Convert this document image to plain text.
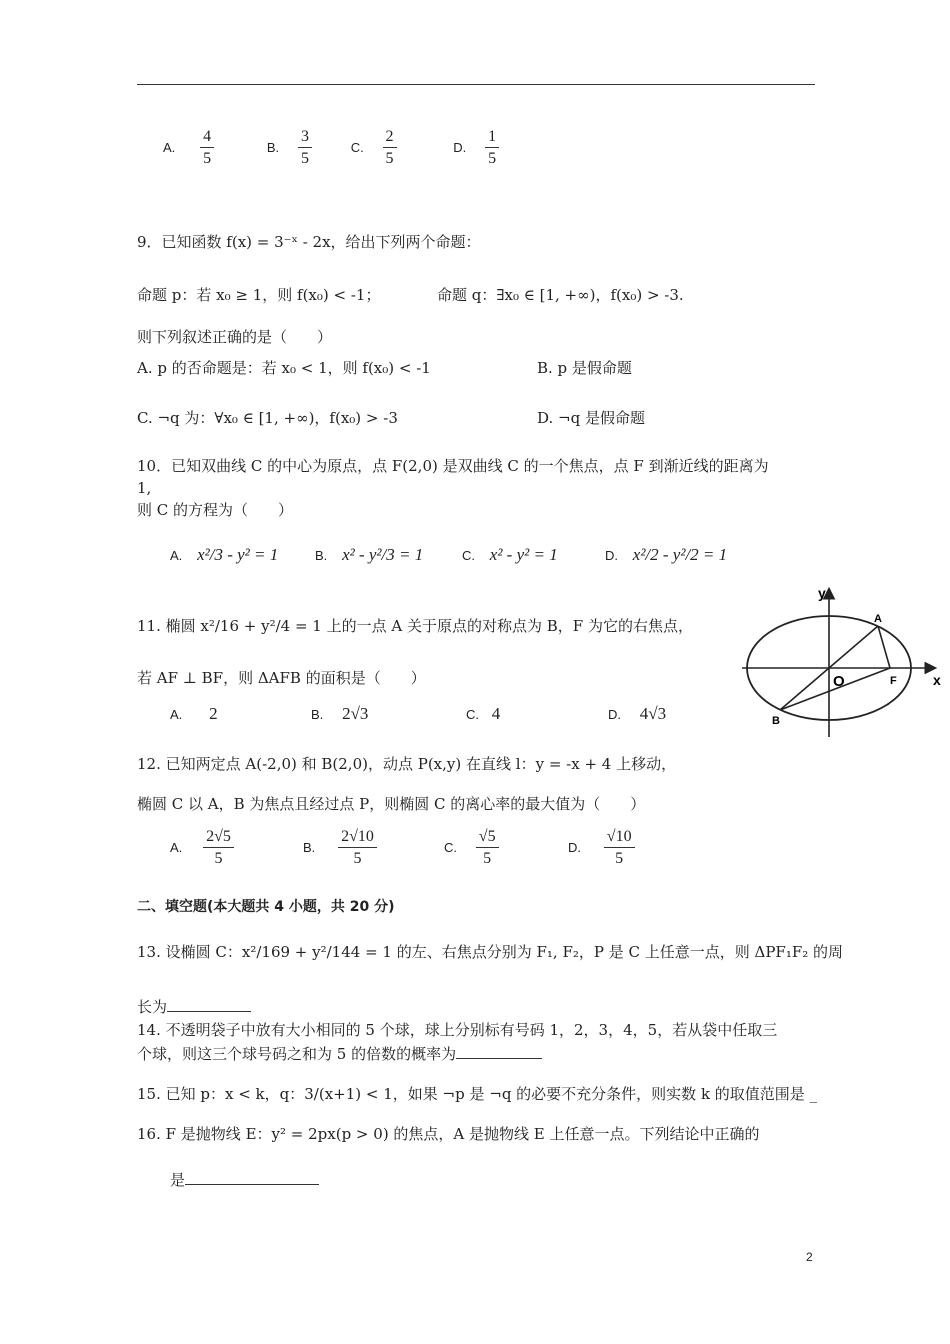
A. $\frac{4}{5}$	B. $\frac{3}{5}$	C. $\frac{2}{5}$	D. $\frac{1}{5}$
9．已知函数 f(x) = 3⁻ˣ - 2x，给出下列两个命题：
命题 p：若 x₀ ≥ 1，则 f(x₀) < -1；	命题 q：∃x₀ ∈ [1, +∞)，f(x₀) > -3.
则下列叙述正确的是（　　）
A. p 的否命题是：若 x₀ < 1，则 f(x₀) < -1	B. p 是假命题
C. ¬q 为：∀x₀ ∈ [1, +∞)，f(x₀) > -3	D. ¬q 是假命题
10．已知双曲线 C 的中心为原点，点 F(2,0) 是双曲线 C 的一个焦点，点 F 到渐近线的距离为
1,
则 C 的方程为（　　）
A. x²/3 - y² = 1	B. x² - y²/3 = 1	C. x² - y² = 1	D. x²/2 - y²/2 = 1
11. 椭圆 x²/16 + y²/4 = 1 上的一点 A 关于原点的对称点为 B，F 为它的右焦点，
若 AF ⊥ BF，则 ΔAFB 的面积是（　　）
A. 2	B. 2√3	C. 4	D. 4√3
y
x
A
B
O	F
12. 已知两定点 A(-2,0) 和 B(2,0)，动点 P(x,y) 在直线 l：y = -x + 4 上移动，
椭圆 C 以 A，B 为焦点且经过点 P，则椭圆 C 的离心率的最大值为（　　）
A. $\frac{2√5}{5}$	B. $\frac{2√10}{5}$	C. $\frac{√5}{5}$	D. $\frac{√10}{5}$
二、填空题(本大题共 4 小题，共 20 分)
13. 设椭圆 C：x²/169 + y²/144 = 1 的左、右焦点分别为 F₁, F₂，P 是 C 上任意一点，则 ΔPF₁F₂ 的周
长为
14. 不透明袋子中放有大小相同的 5 个球，球上分别标有号码 1，2，3，4，5，若从袋中任取三
个球，则这三个球号码之和为 5 的倍数的概率为
15. 已知 p：x < k，q：3/(x+1) < 1，如果 ¬p 是 ¬q 的必要不充分条件，则实数 k 的取值范围是 _
16. F 是抛物线 E：y² = 2px(p > 0) 的焦点，A 是抛物线 E 上任意一点。下列结论中正确的
是
2
